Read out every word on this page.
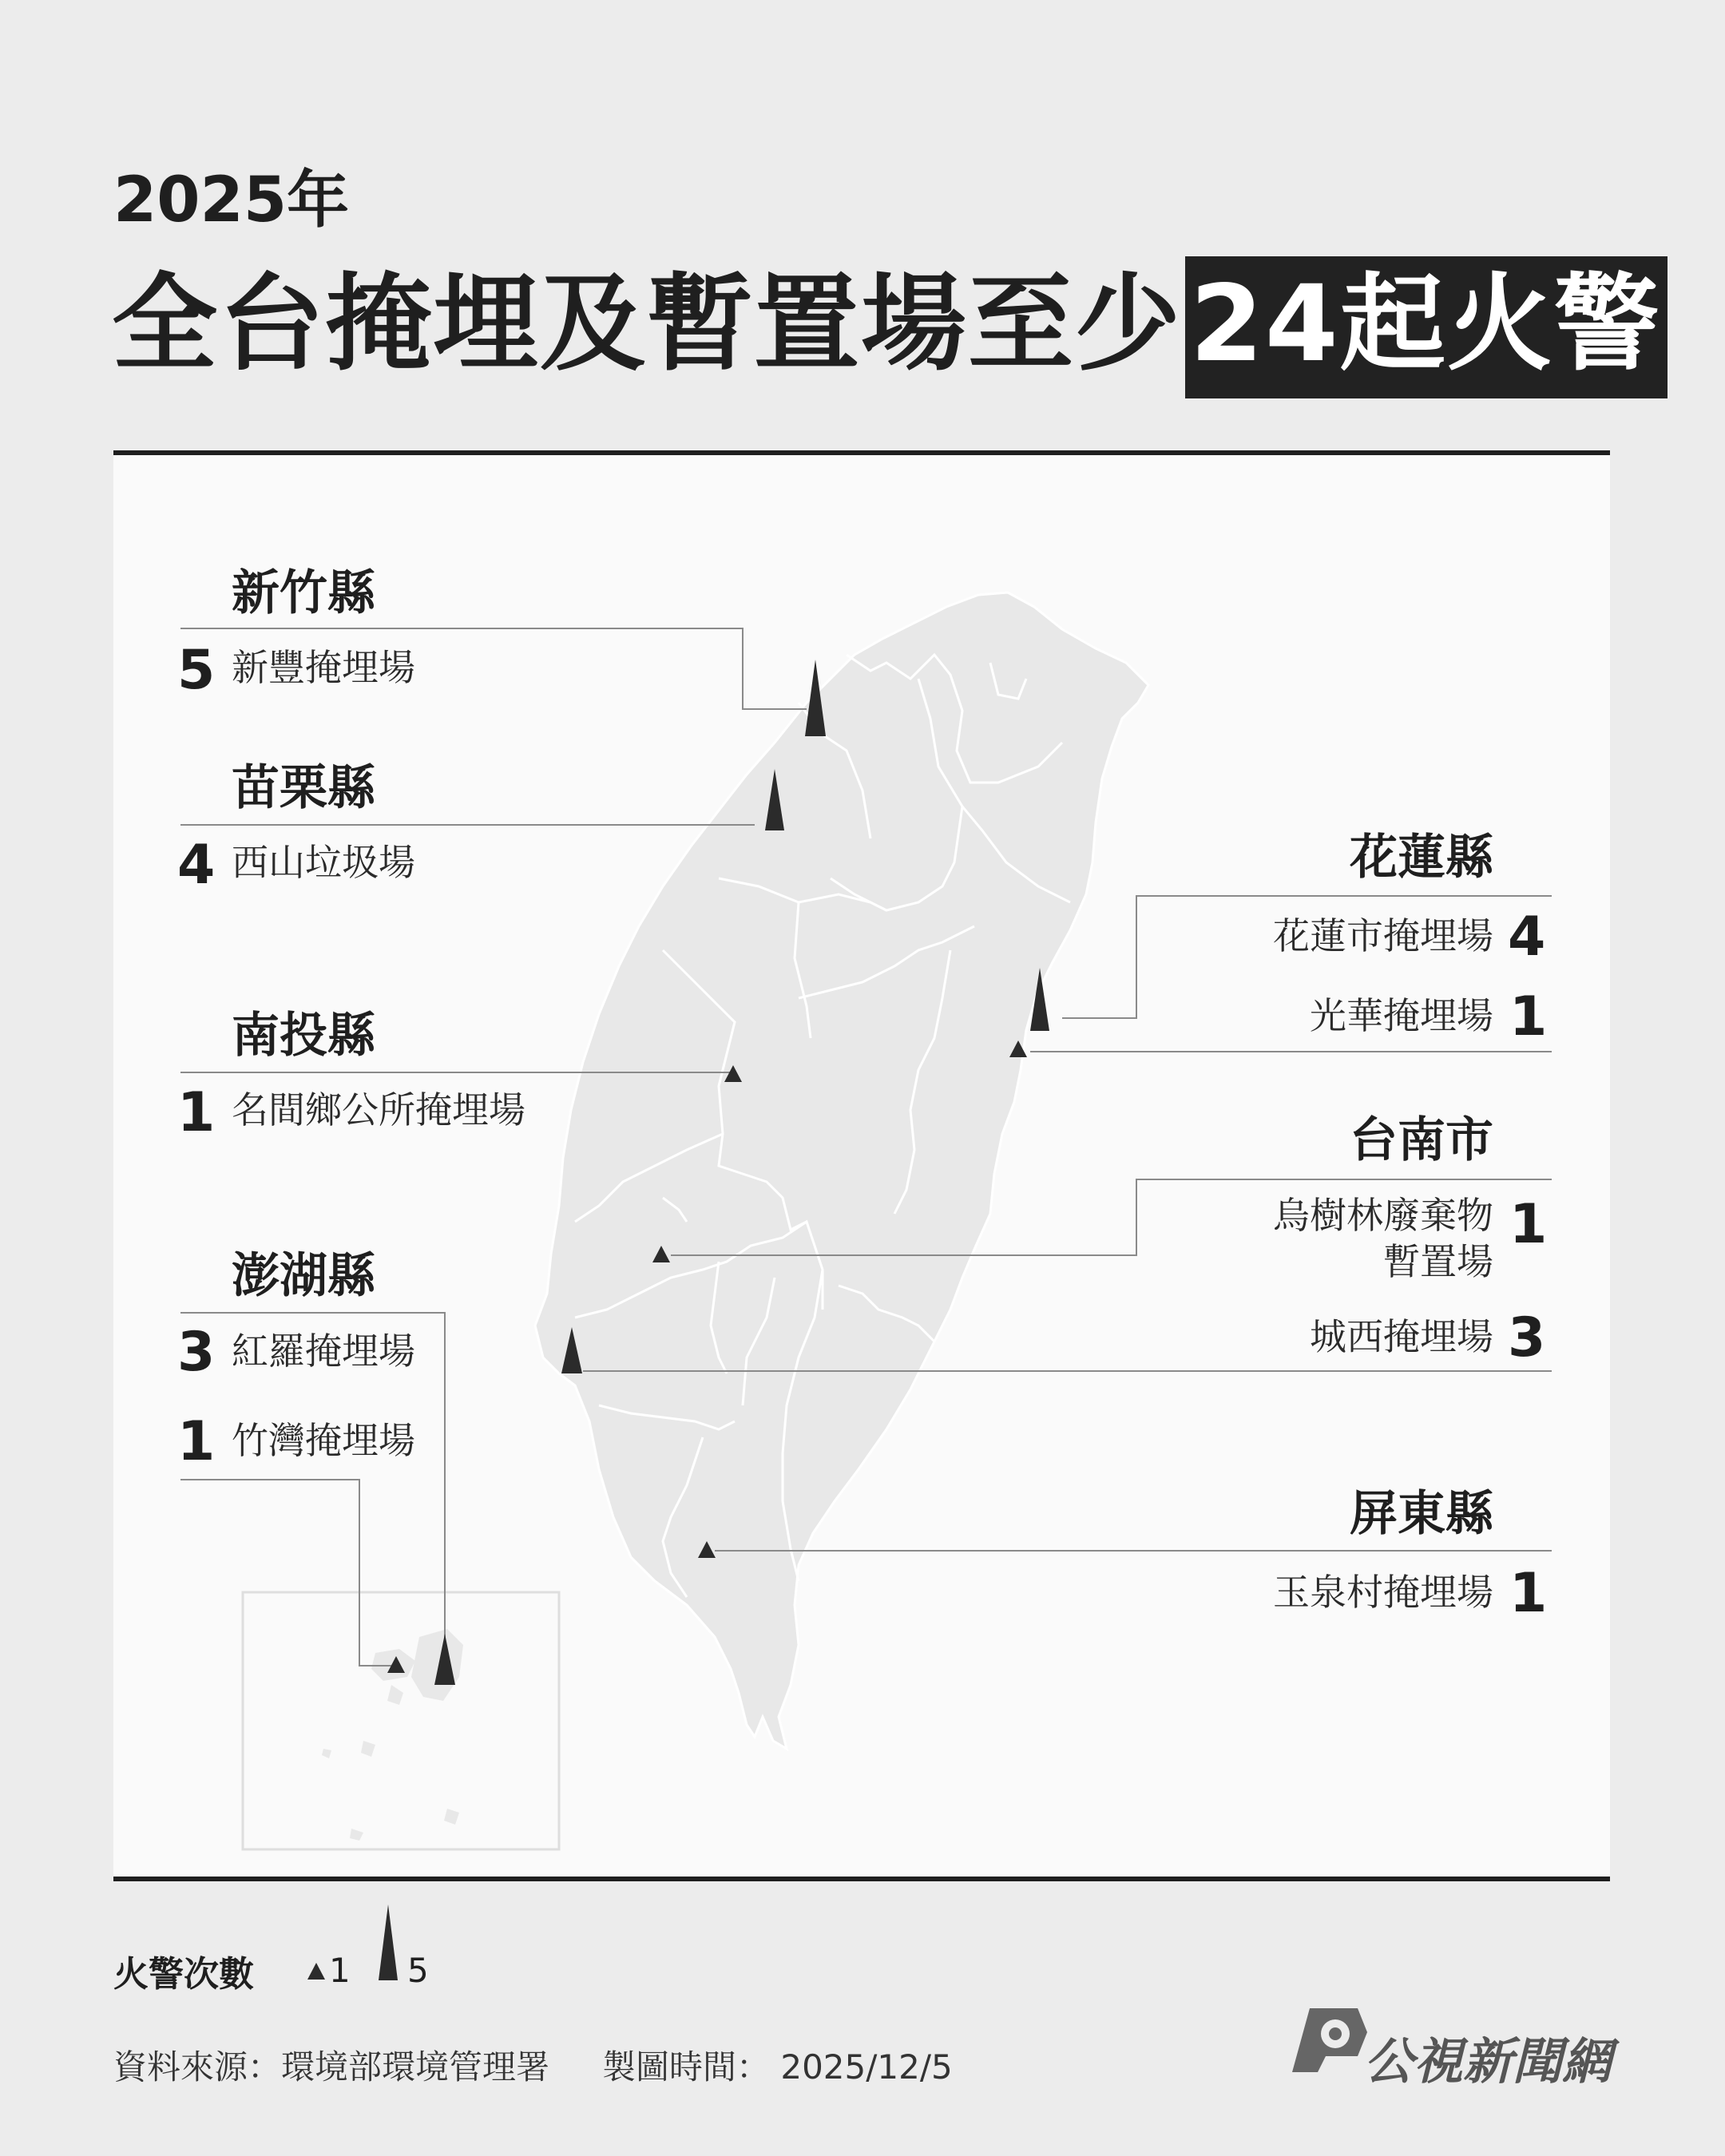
2025年
全台掩埋及暫置場至少24起火警
新竹縣
5 新豐掩埋場
苗栗縣
4 西山垃圾場
南投縣
1 名間鄉公所掩埋場
澎湖縣
3 紅羅掩埋場
1 竹灣掩埋場
花蓮縣
花蓮市掩埋場 4
光華掩埋場 1
台南市
烏樹林廢棄物
暫置場
1
城西掩埋場 3
屏東縣
玉泉村掩埋場 1
火警次數 1 5
資料來源：環境部環境管理署 製圖時間： 2025/12/5	公視新聞網
